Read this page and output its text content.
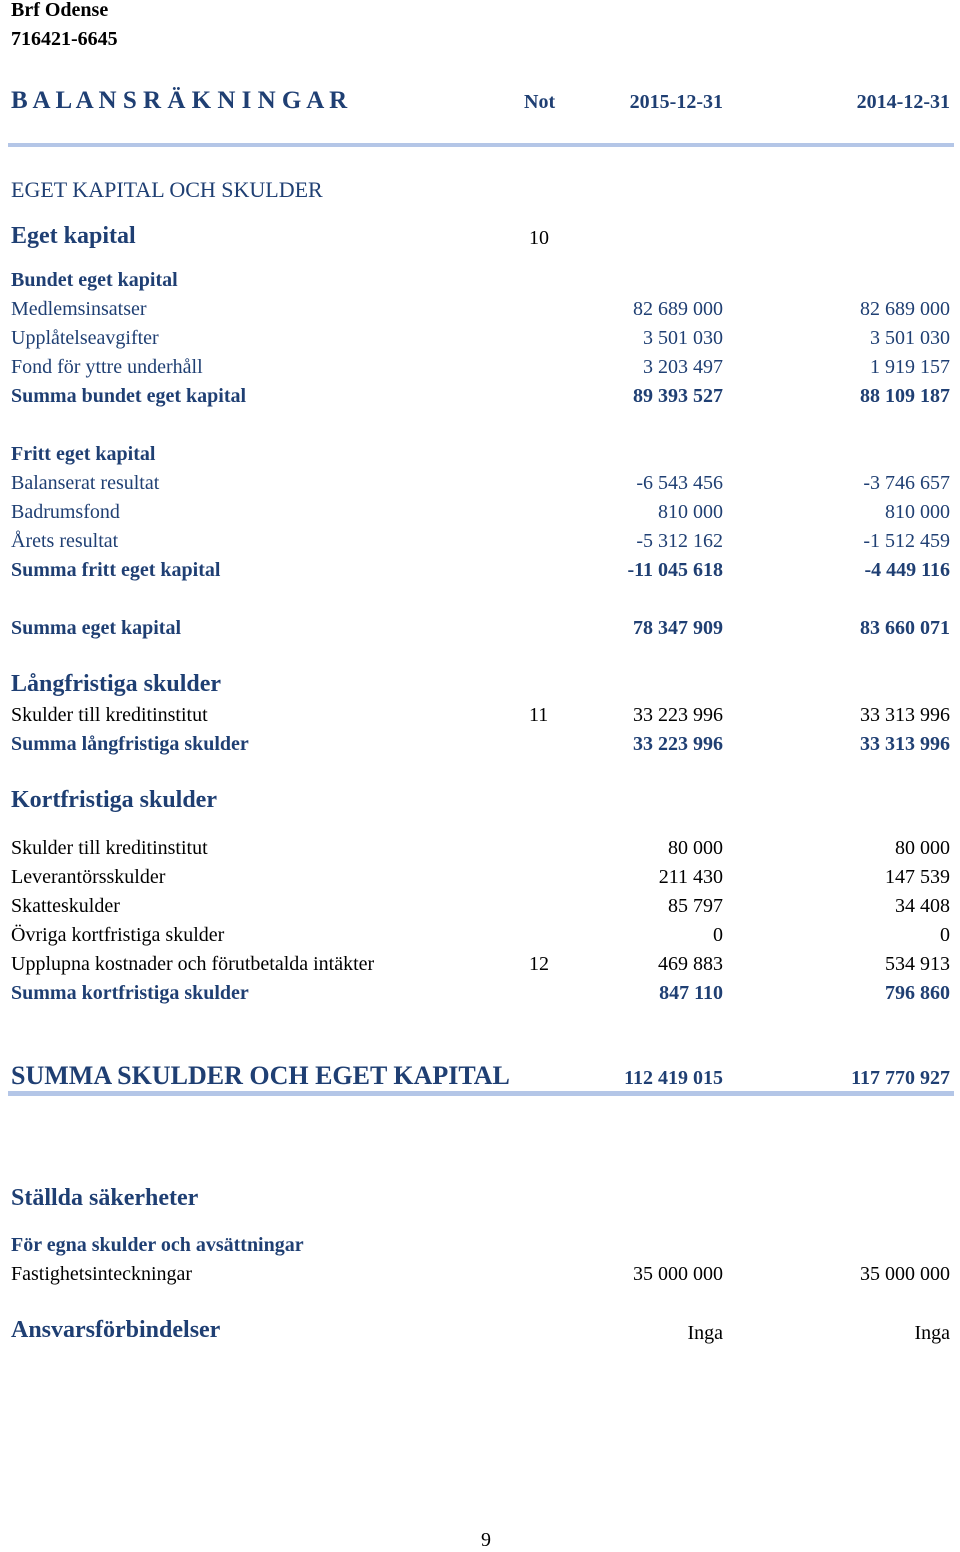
Brf Odense
716421-6645
B A L A N S R Ä K N I N G A R	Not	2015-12-31	2014-12-31
EGET KAPITAL OCH SKULDER
Eget kapital	10
Bundet eget kapital
Medlemsinsatser	82 689 000	82 689 000
Upplåtelseavgifter	3 501 030	3 501 030
Fond för yttre underhåll	3 203 497	1 919 157
Summa bundet eget kapital	89 393 527	88 109 187
Fritt eget kapital
Balanserat resultat	-6 543 456	-3 746 657
Badrumsfond	810 000	810 000
Årets resultat	-5 312 162	-1 512 459
Summa fritt eget kapital	-11 045 618	-4 449 116
Summa eget kapital	78 347 909	83 660 071
Långfristiga skulder
Skulder till kreditinstitut	11	33 223 996	33 313 996
Summa långfristiga skulder	33 223 996	33 313 996
Kortfristiga skulder
Skulder till kreditinstitut	80 000	80 000
Leverantörsskulder	211 430	147 539
Skatteskulder	85 797	34 408
Övriga kortfristiga skulder	0	0
Upplupna kostnader och förutbetalda intäkter	12	469 883	534 913
Summa kortfristiga skulder	847 110	796 860
SUMMA SKULDER OCH EGET KAPITAL	112 419 015	117 770 927
Ställda säkerheter
För egna skulder och avsättningar
Fastighetsinteckningar	35 000 000	35 000 000
Ansvarsförbindelser	Inga	Inga
9
